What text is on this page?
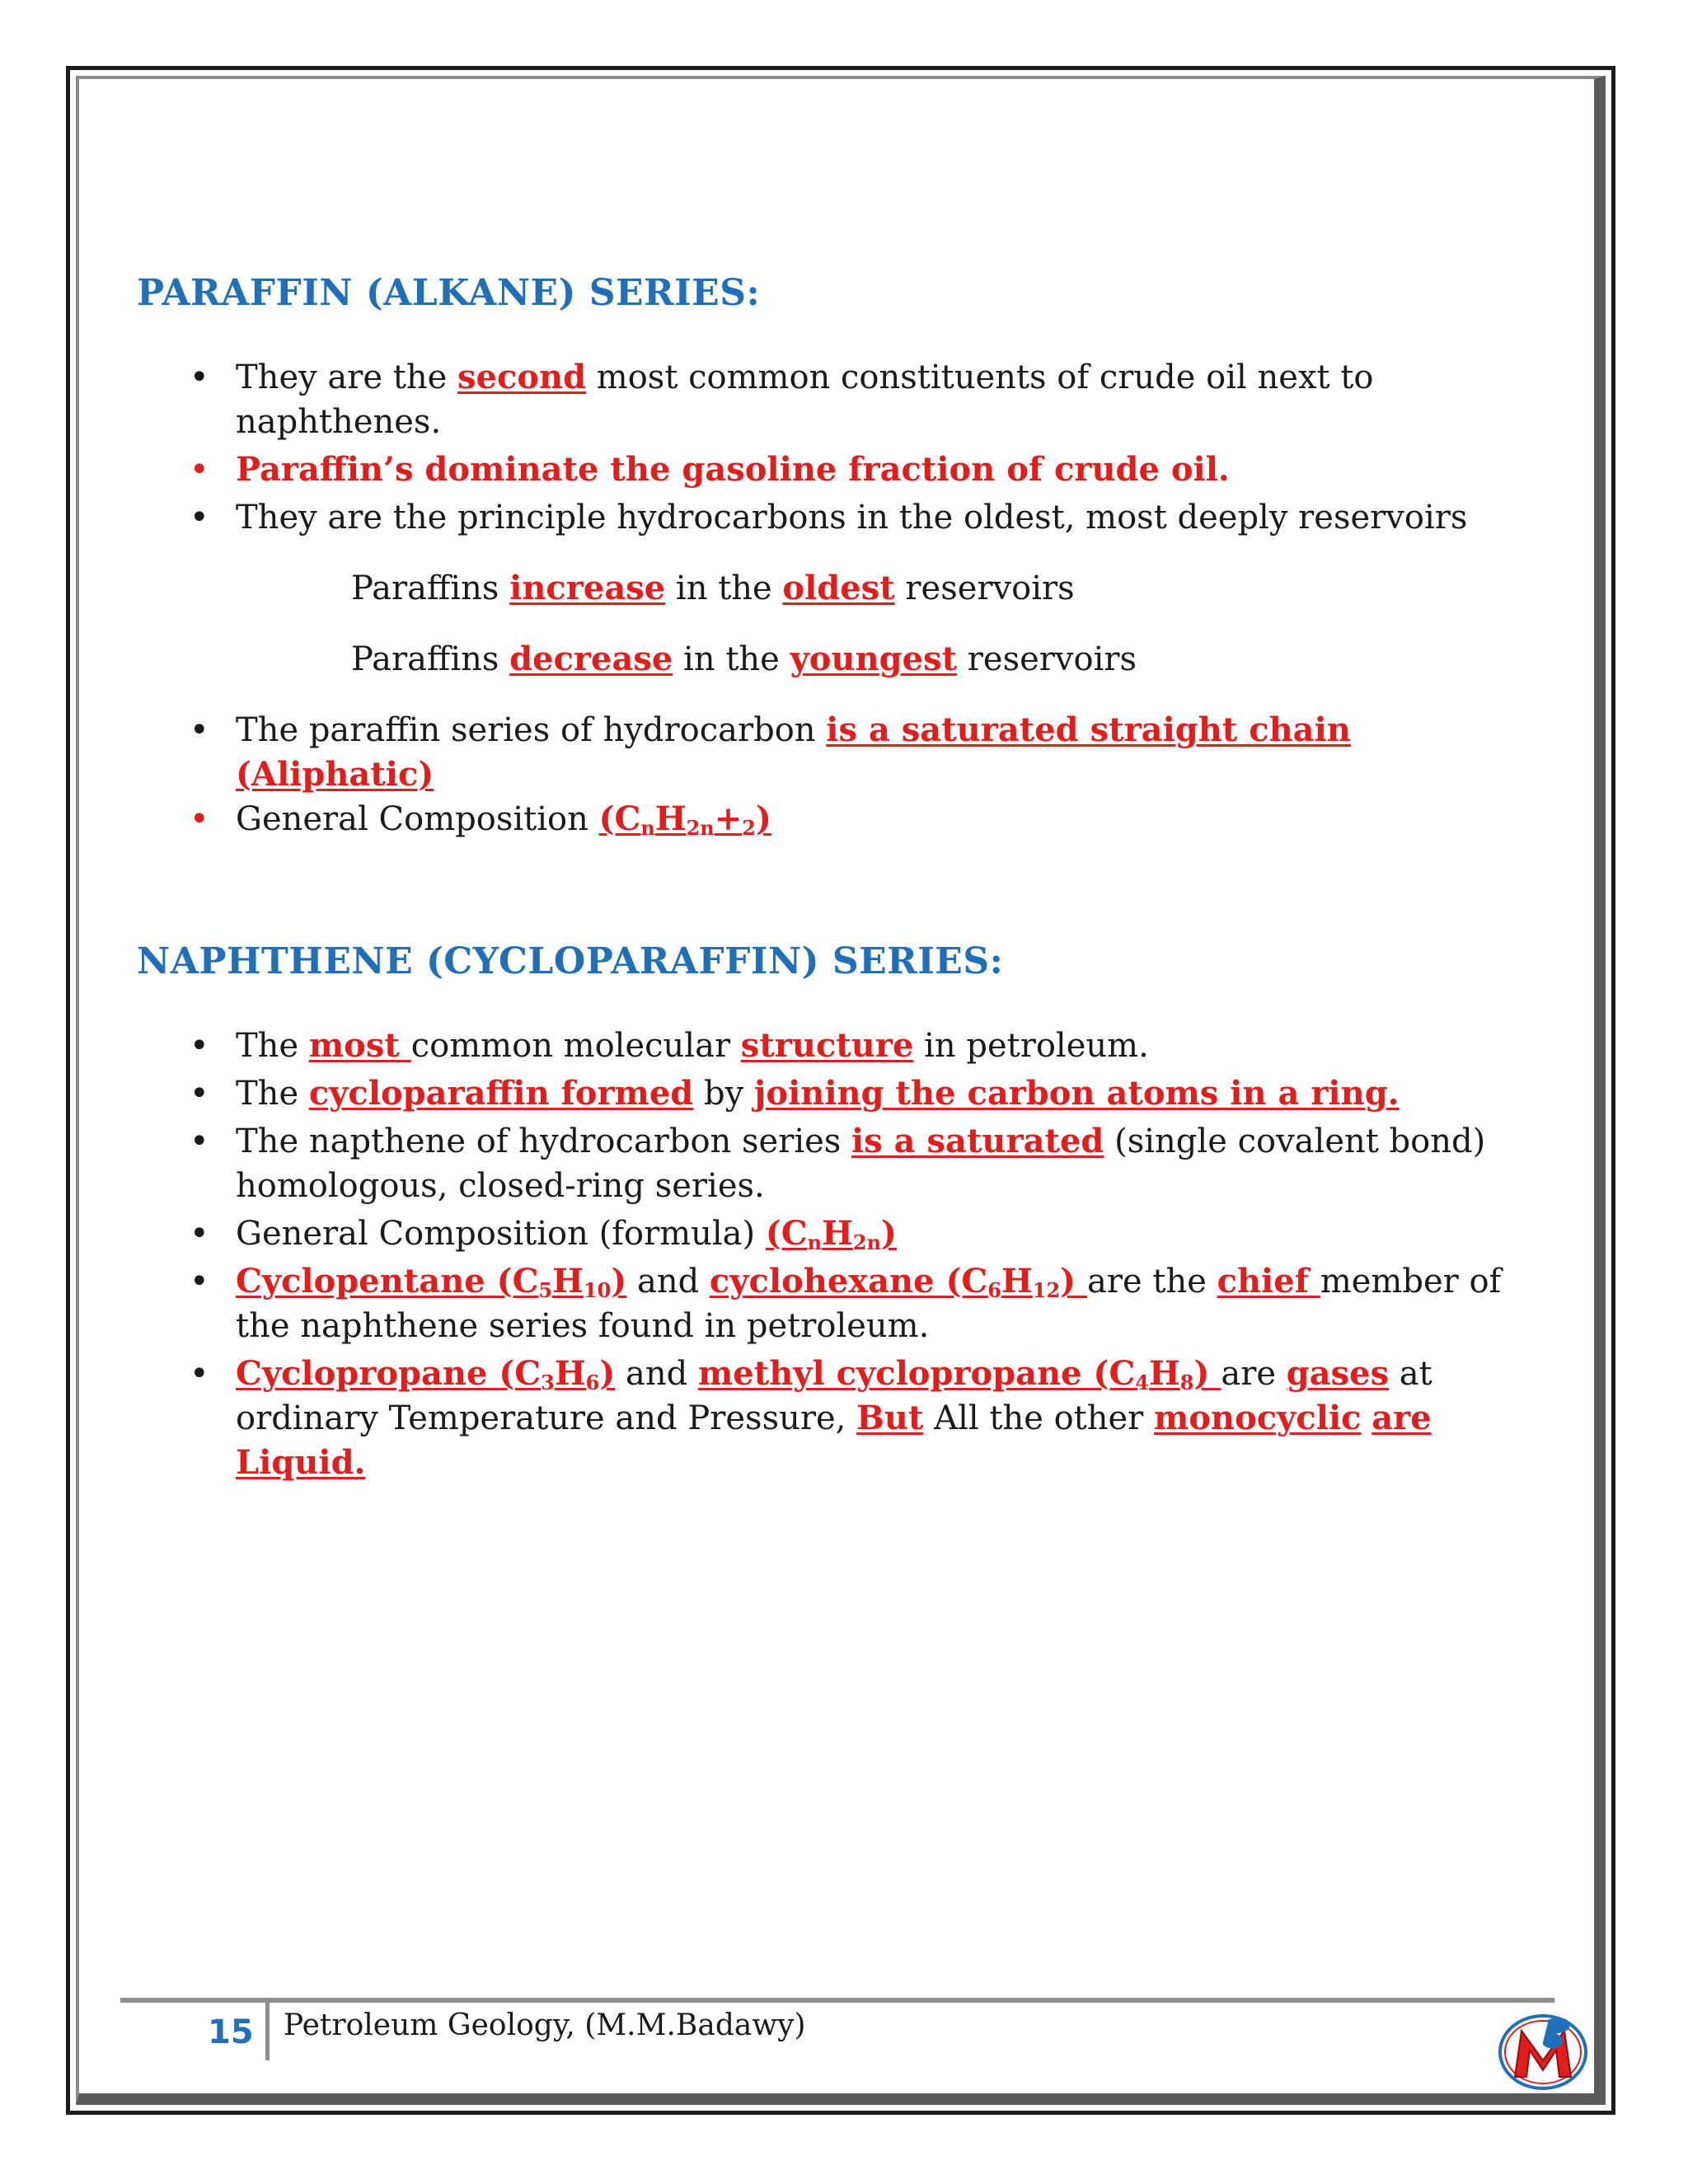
PARAFFIN (ALKANE) SERIES:
• They are the second most common constituents of crude oil next to naphthenes.
• Paraffin’s dominate the gasoline fraction of crude oil.
• They are the principle hydrocarbons in the oldest, most deeply reservoirs
Paraffins increase in the oldest reservoirs
Paraffins decrease in the youngest reservoirs
• The paraffin series of hydrocarbon is a saturated straight chain (Aliphatic)
• General Composition $(C_nH_{2n}+_2)$
NAPHTHENE (CYCLOPARAFFIN) SERIES:
• The most common molecular structure in petroleum.
• The cycloparaffin formed by joining the carbon atoms in a ring.
• The napthene of hydrocarbon series is a saturated (single covalent bond) homologous, closed-ring series.
• General Composition (formula) $(C_nH_{2n})$
• Cyclopentane $(C_5H_{10})$ and cyclohexane $(C_6H_{12})$ are the chief member of the naphthene series found in petroleum.
• Cyclopropane $(C_3H_6)$ and methyl cyclopropane $(C_4H_8)$ are gases at ordinary Temperature and Pressure, But All the other monocyclic are Liquid.
15	Petroleum Geology, (M.M.Badawy)
